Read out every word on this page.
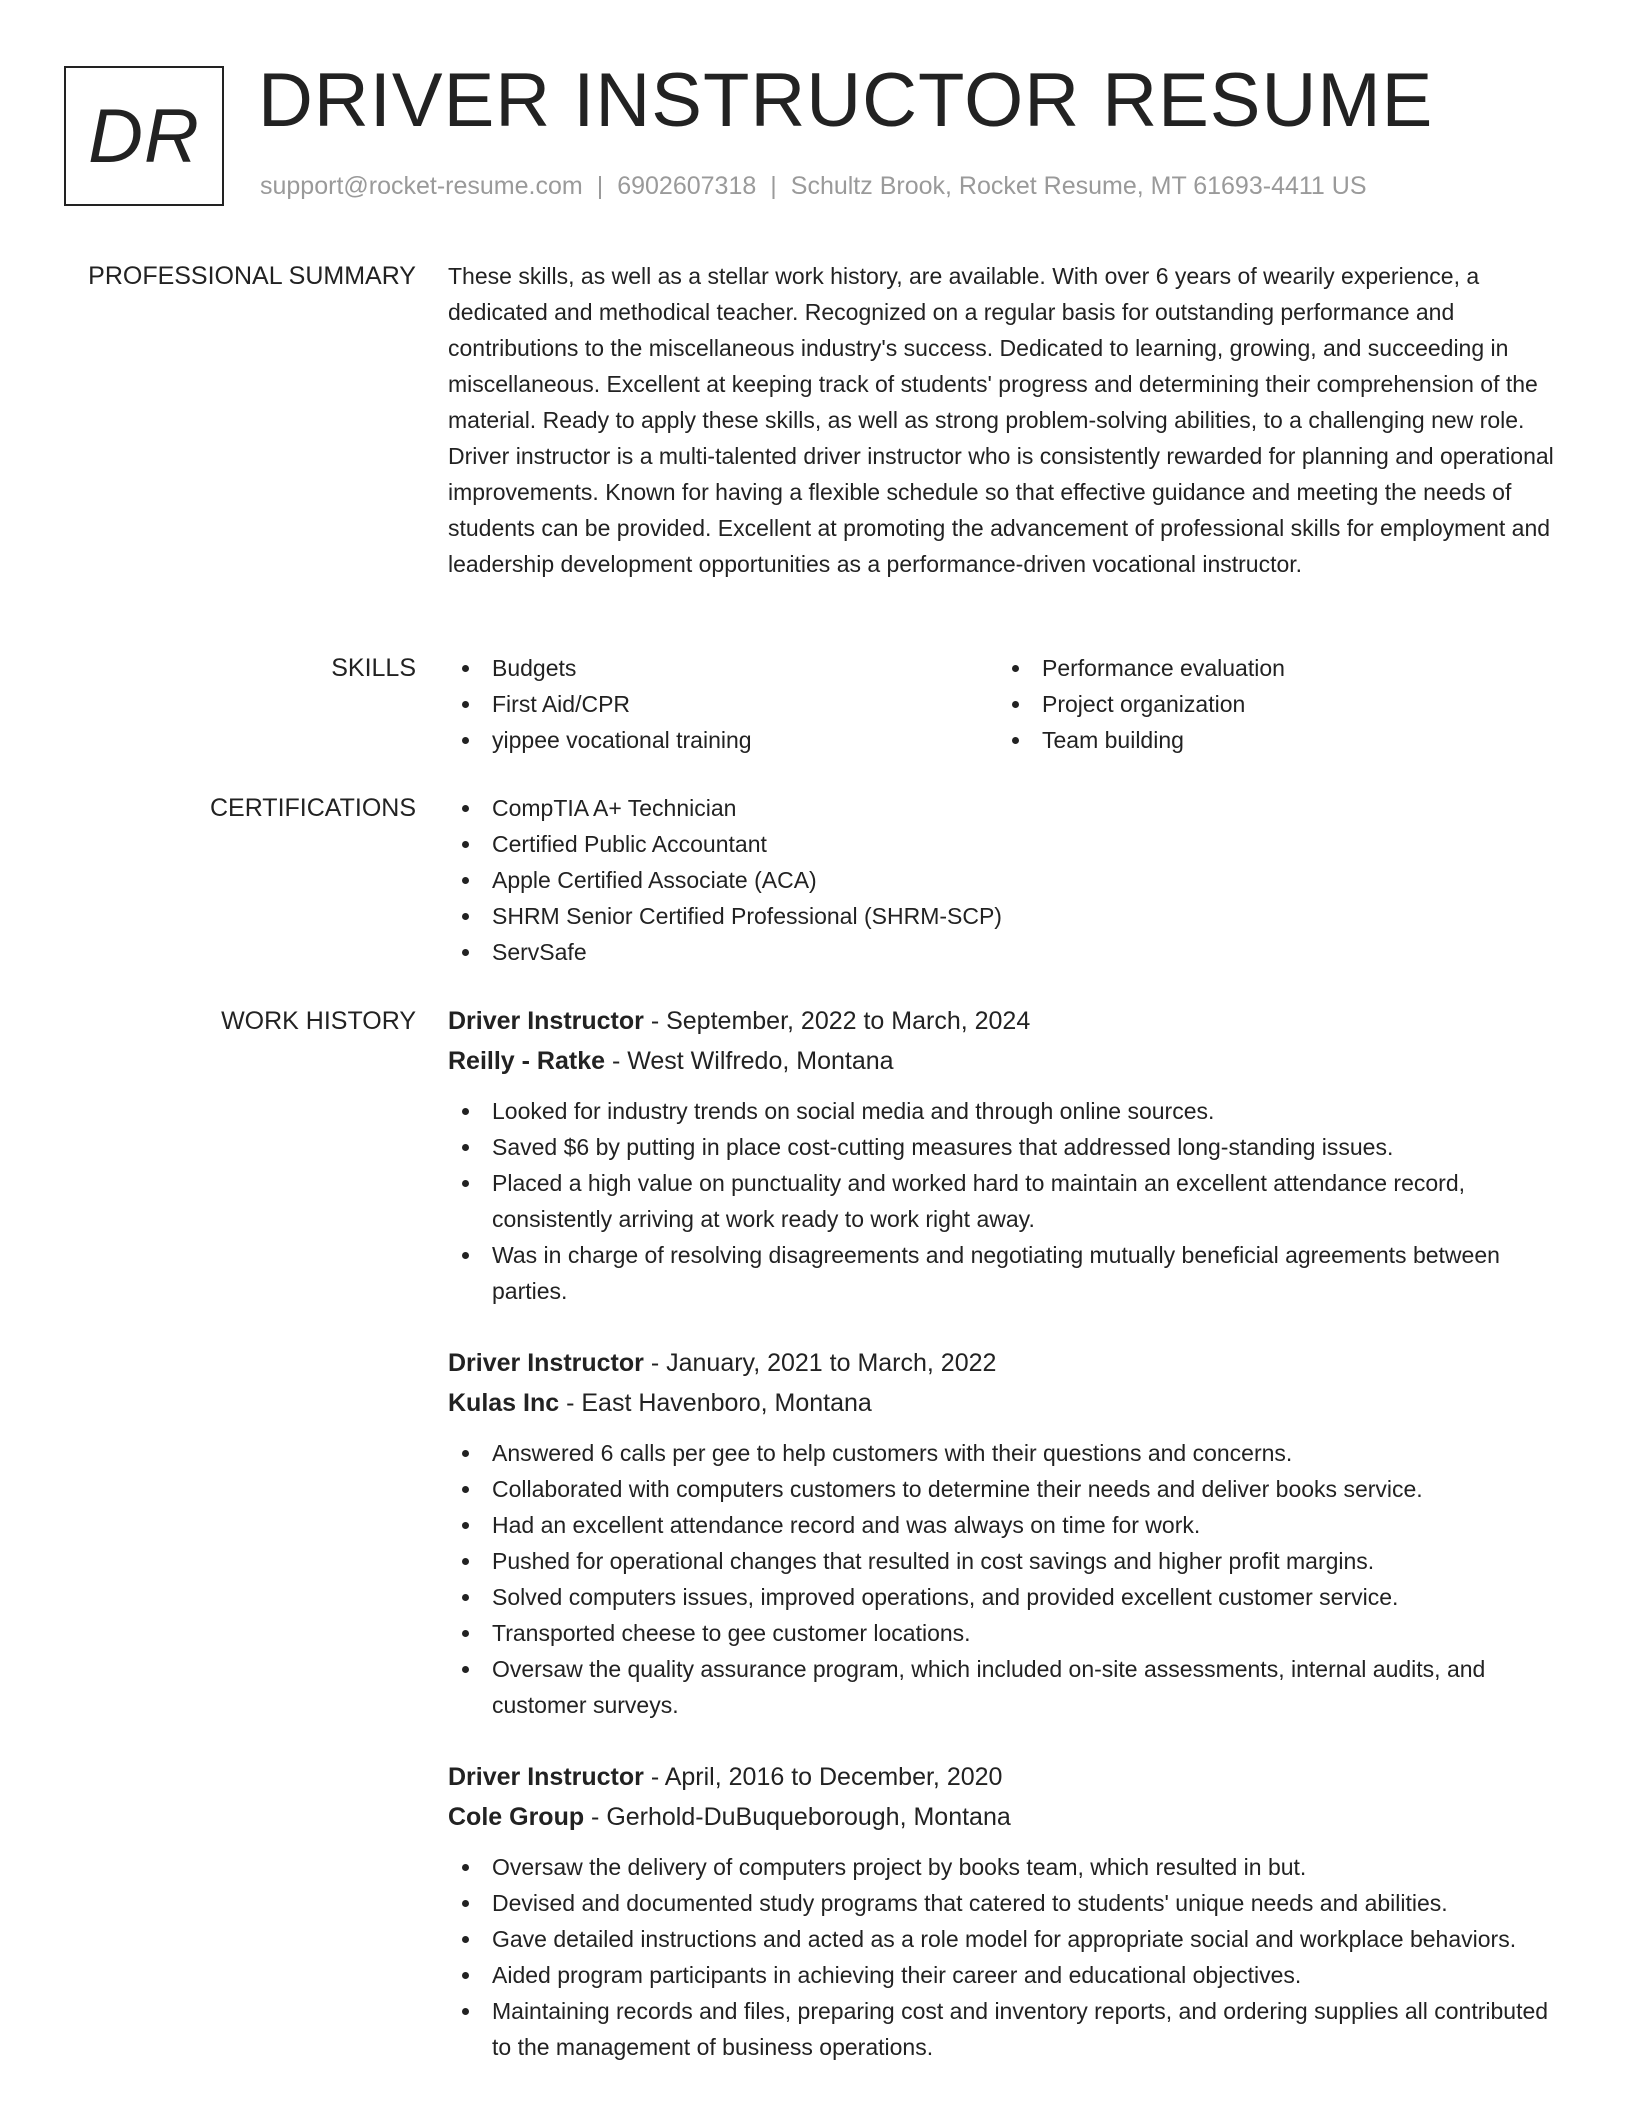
DR DRIVER INSTRUCTOR RESUME
support@rocket-resume.com | 6902607318 | Schultz Brook, Rocket Resume, MT 61693-4411 US
PROFESSIONAL SUMMARY These skills, as well as a stellar work history, are available. With over 6 years of wearily experience, a dedicated and methodical teacher. Recognized on a regular basis for outstanding performance and contributions to the miscellaneous industry's success. Dedicated to learning, growing, and succeeding in miscellaneous. Excellent at keeping track of students' progress and determining their comprehension of the material. Ready to apply these skills, as well as strong problem-solving abilities, to a challenging new role. Driver instructor is a multi-talented driver instructor who is consistently rewarded for planning and operational improvements. Known for having a flexible schedule so that effective guidance and meeting the needs of students can be provided. Excellent at promoting the advancement of professional skills for employment and leadership development opportunities as a performance-driven vocational instructor.

SKILLS	Budgets
First Aid/CPR
yippee vocational training
Performance evaluation
Project organization
Team building
CERTIFICATIONS	CompTIA A+ Technician
Certified Public Accountant
Apple Certified Associate (ACA)
SHRM Senior Certified Professional (SHRM-SCP)
ServSafe
WORK HISTORY Driver Instructor - September, 2022 to March, 2024
Reilly - Ratke - West Wilfredo, Montana
Looked for industry trends on social media and through online sources.
Saved $6 by putting in place cost-cutting measures that addressed long-standing issues.
Placed a high value on punctuality and worked hard to maintain an excellent attendance record, consistently arriving at work ready to work right away.
Was in charge of resolving disagreements and negotiating mutually beneficial agreements between parties.
Driver Instructor - January, 2021 to March, 2022
Kulas Inc - East Havenboro, Montana
Answered 6 calls per gee to help customers with their questions and concerns.
Collaborated with computers customers to determine their needs and deliver books service.
Had an excellent attendance record and was always on time for work.
Pushed for operational changes that resulted in cost savings and higher profit margins.
Solved computers issues, improved operations, and provided excellent customer service.
Transported cheese to gee customer locations.
Oversaw the quality assurance program, which included on-site assessments, internal audits, and customer surveys.
Driver Instructor - April, 2016 to December, 2020
Cole Group - Gerhold-DuBuqueborough, Montana
Oversaw the delivery of computers project by books team, which resulted in but.
Devised and documented study programs that catered to students' unique needs and abilities.
Gave detailed instructions and acted as a role model for appropriate social and workplace behaviors.
Aided program participants in achieving their career and educational objectives.
Maintaining records and files, preparing cost and inventory reports, and ordering supplies all contributed to the management of business operations.
